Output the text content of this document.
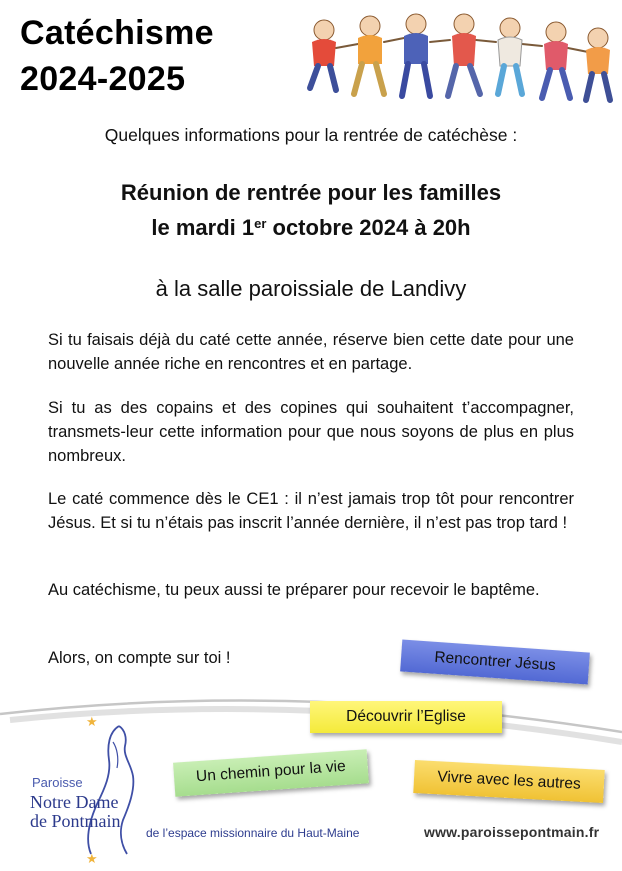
Catéchisme
2024-2025
Quelques informations pour la rentrée de catéchèse :
Réunion de rentrée pour les familles
le mardi 1er octobre 2024 à 20h
à la salle paroissiale de Landivy
Si tu faisais déjà du caté cette année, réserve bien cette date pour une nouvelle année riche en rencontres et en partage.
Si tu as des copains et des copines qui souhaitent t’accompagner, transmets-leur cette information pour que nous soyons de plus en plus nombreux.
Le caté commence dès le CE1 : il n’est jamais trop tôt pour rencontrer Jésus. Et si tu n’étais pas inscrit l’année dernière, il n’est pas trop tard !
Au catéchisme, tu peux aussi te préparer pour recevoir le baptême.
Alors, on compte sur toi !
★
★
Paroisse
Notre Dame
de Pontmain
Rencontrer Jésus
Découvrir l’Eglise
Un chemin pour la vie	Vivre avec les autres
de l’espace missionnaire du Haut-Maine	www.paroissepontmain.fr
